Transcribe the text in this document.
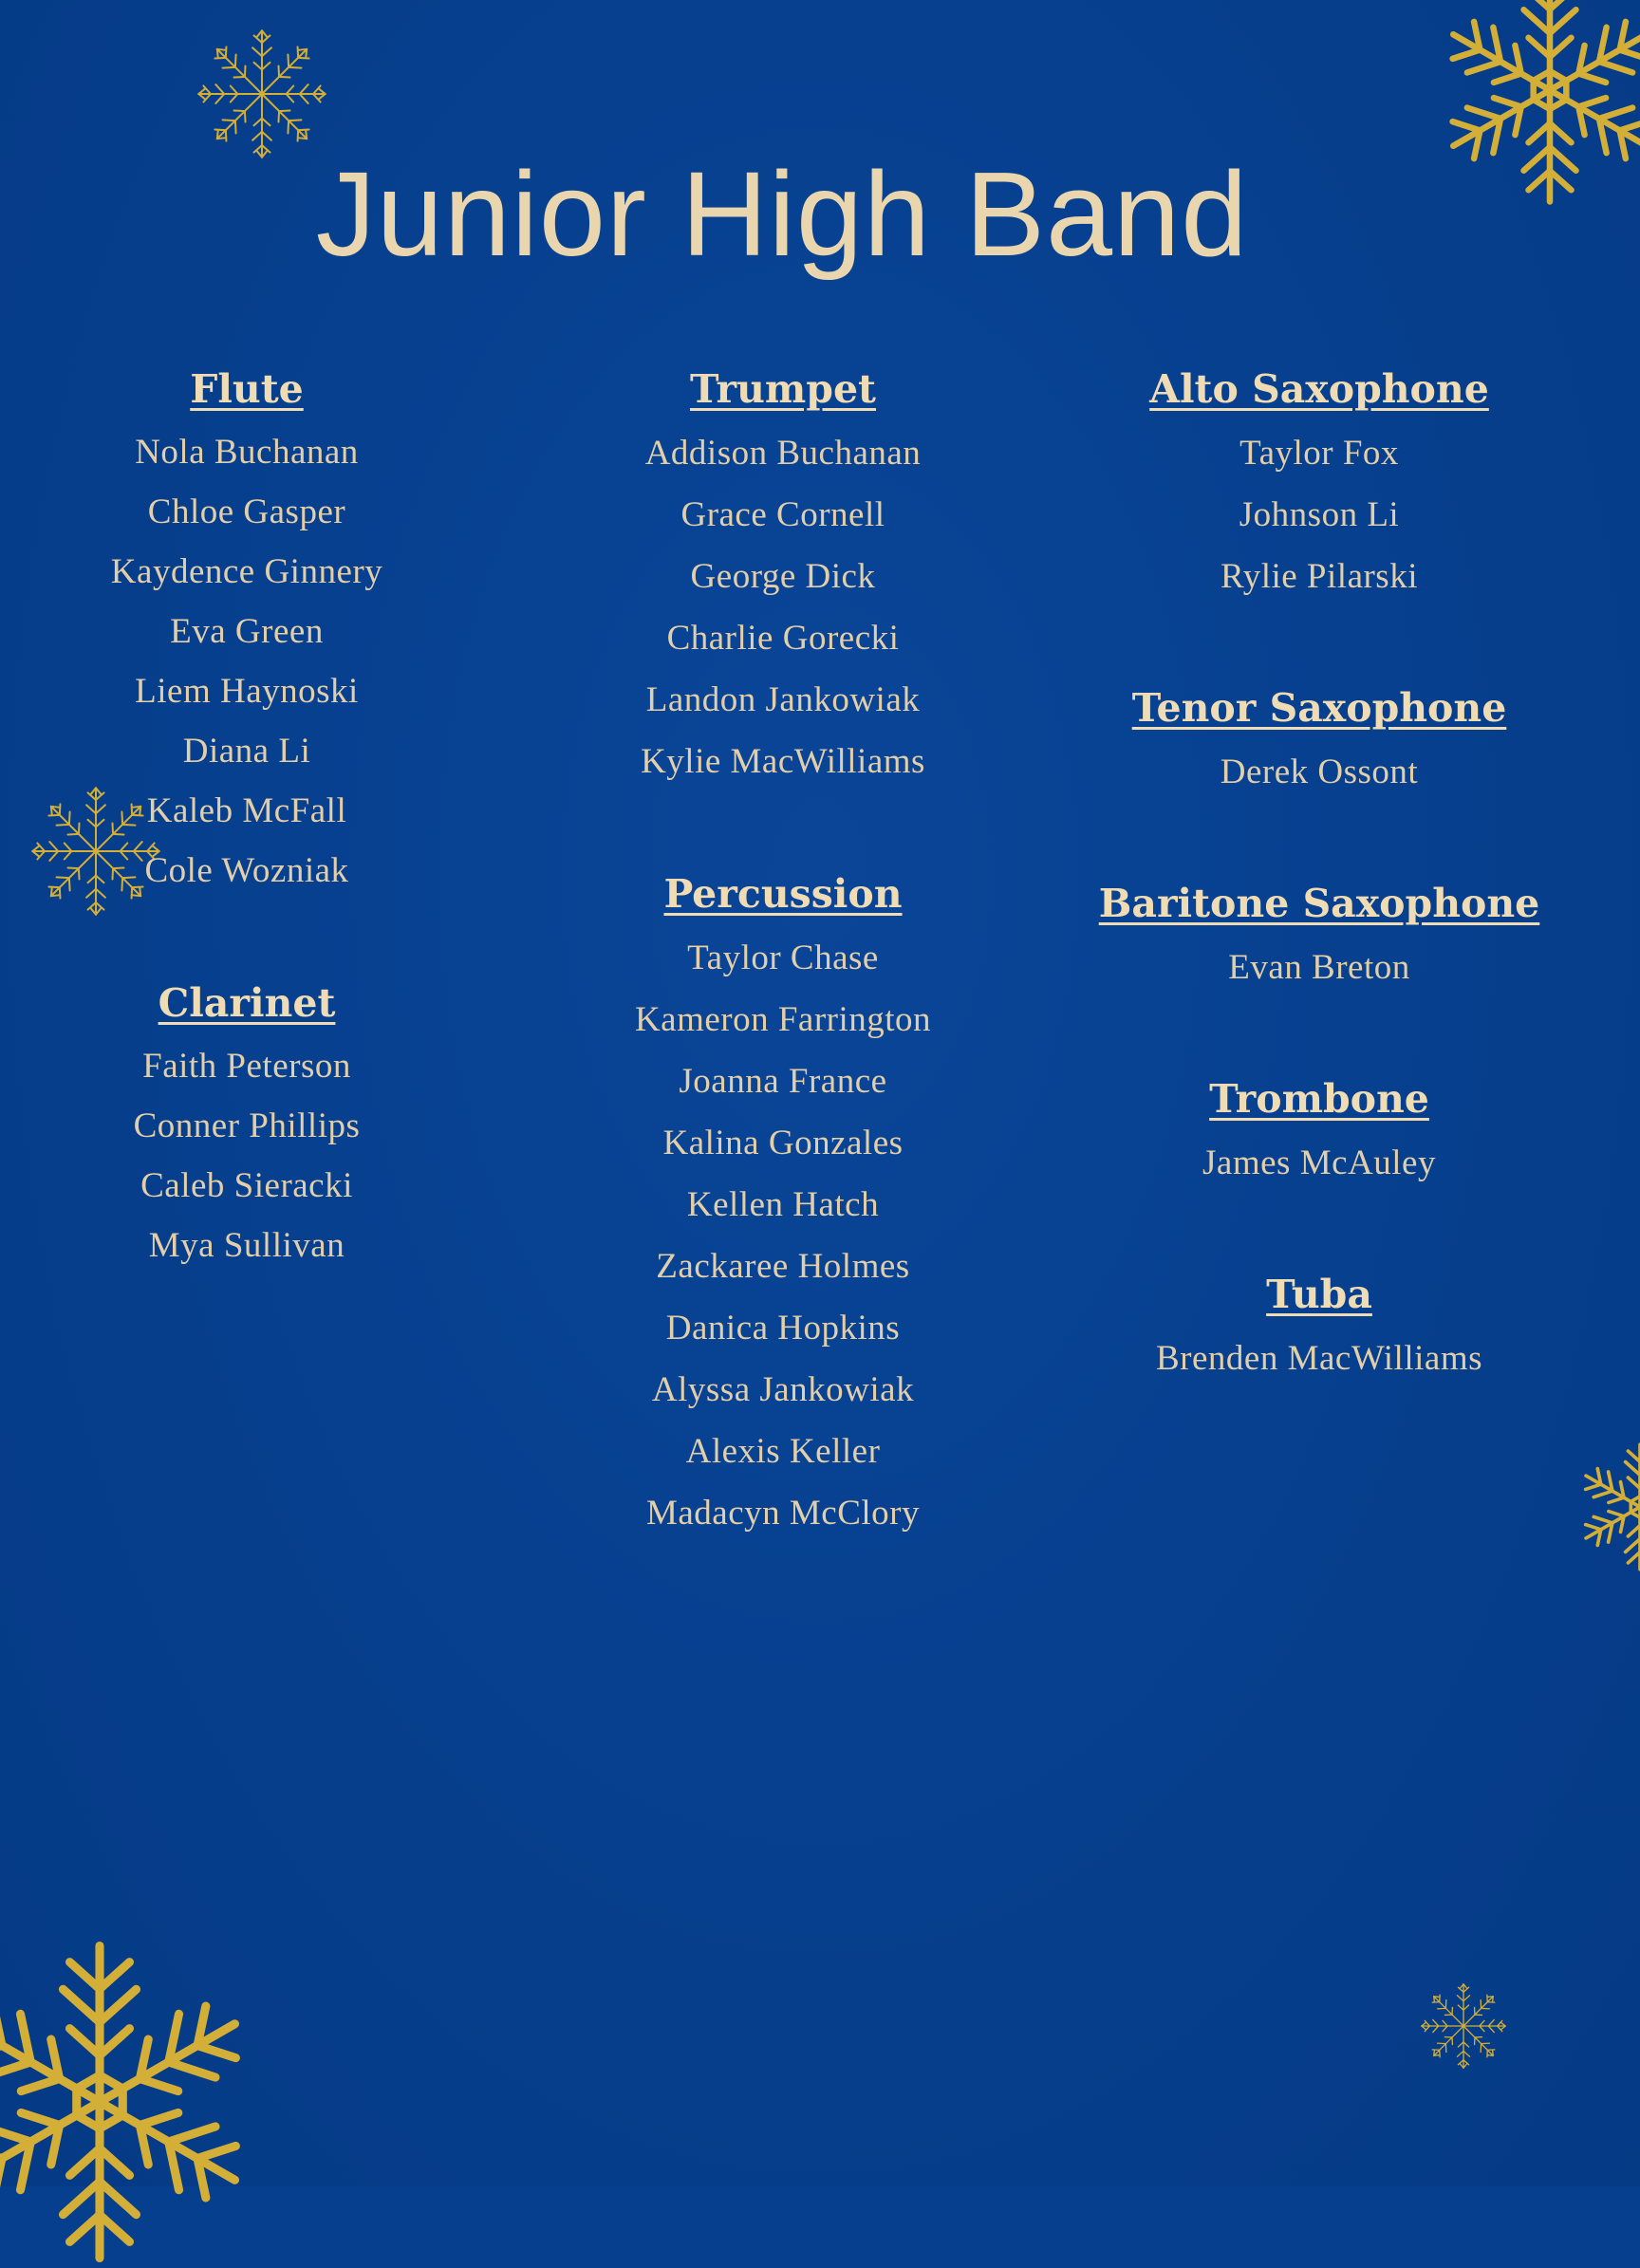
Junior High Band
Flute
Nola Buchanan
Chloe Gasper
Kaydence Ginnery
Eva Green
Liem Haynoski
Diana Li
Kaleb McFall
Cole Wozniak
Clarinet
Faith Peterson
Conner Phillips
Caleb Sieracki
Mya Sullivan
Trumpet
Addison Buchanan
Grace Cornell
George Dick
Charlie Gorecki
Landon Jankowiak
Kylie MacWilliams
Percussion
Taylor Chase
Kameron Farrington
Joanna France
Kalina Gonzales
Kellen Hatch
Zackaree Holmes
Danica Hopkins
Alyssa Jankowiak
Alexis Keller
Madacyn McClory
Alto Saxophone
Taylor Fox
Johnson Li
Rylie Pilarski
Tenor Saxophone
Derek Ossont
Baritone Saxophone
Evan Breton
Trombone
James McAuley
Tuba
Brenden MacWilliams
